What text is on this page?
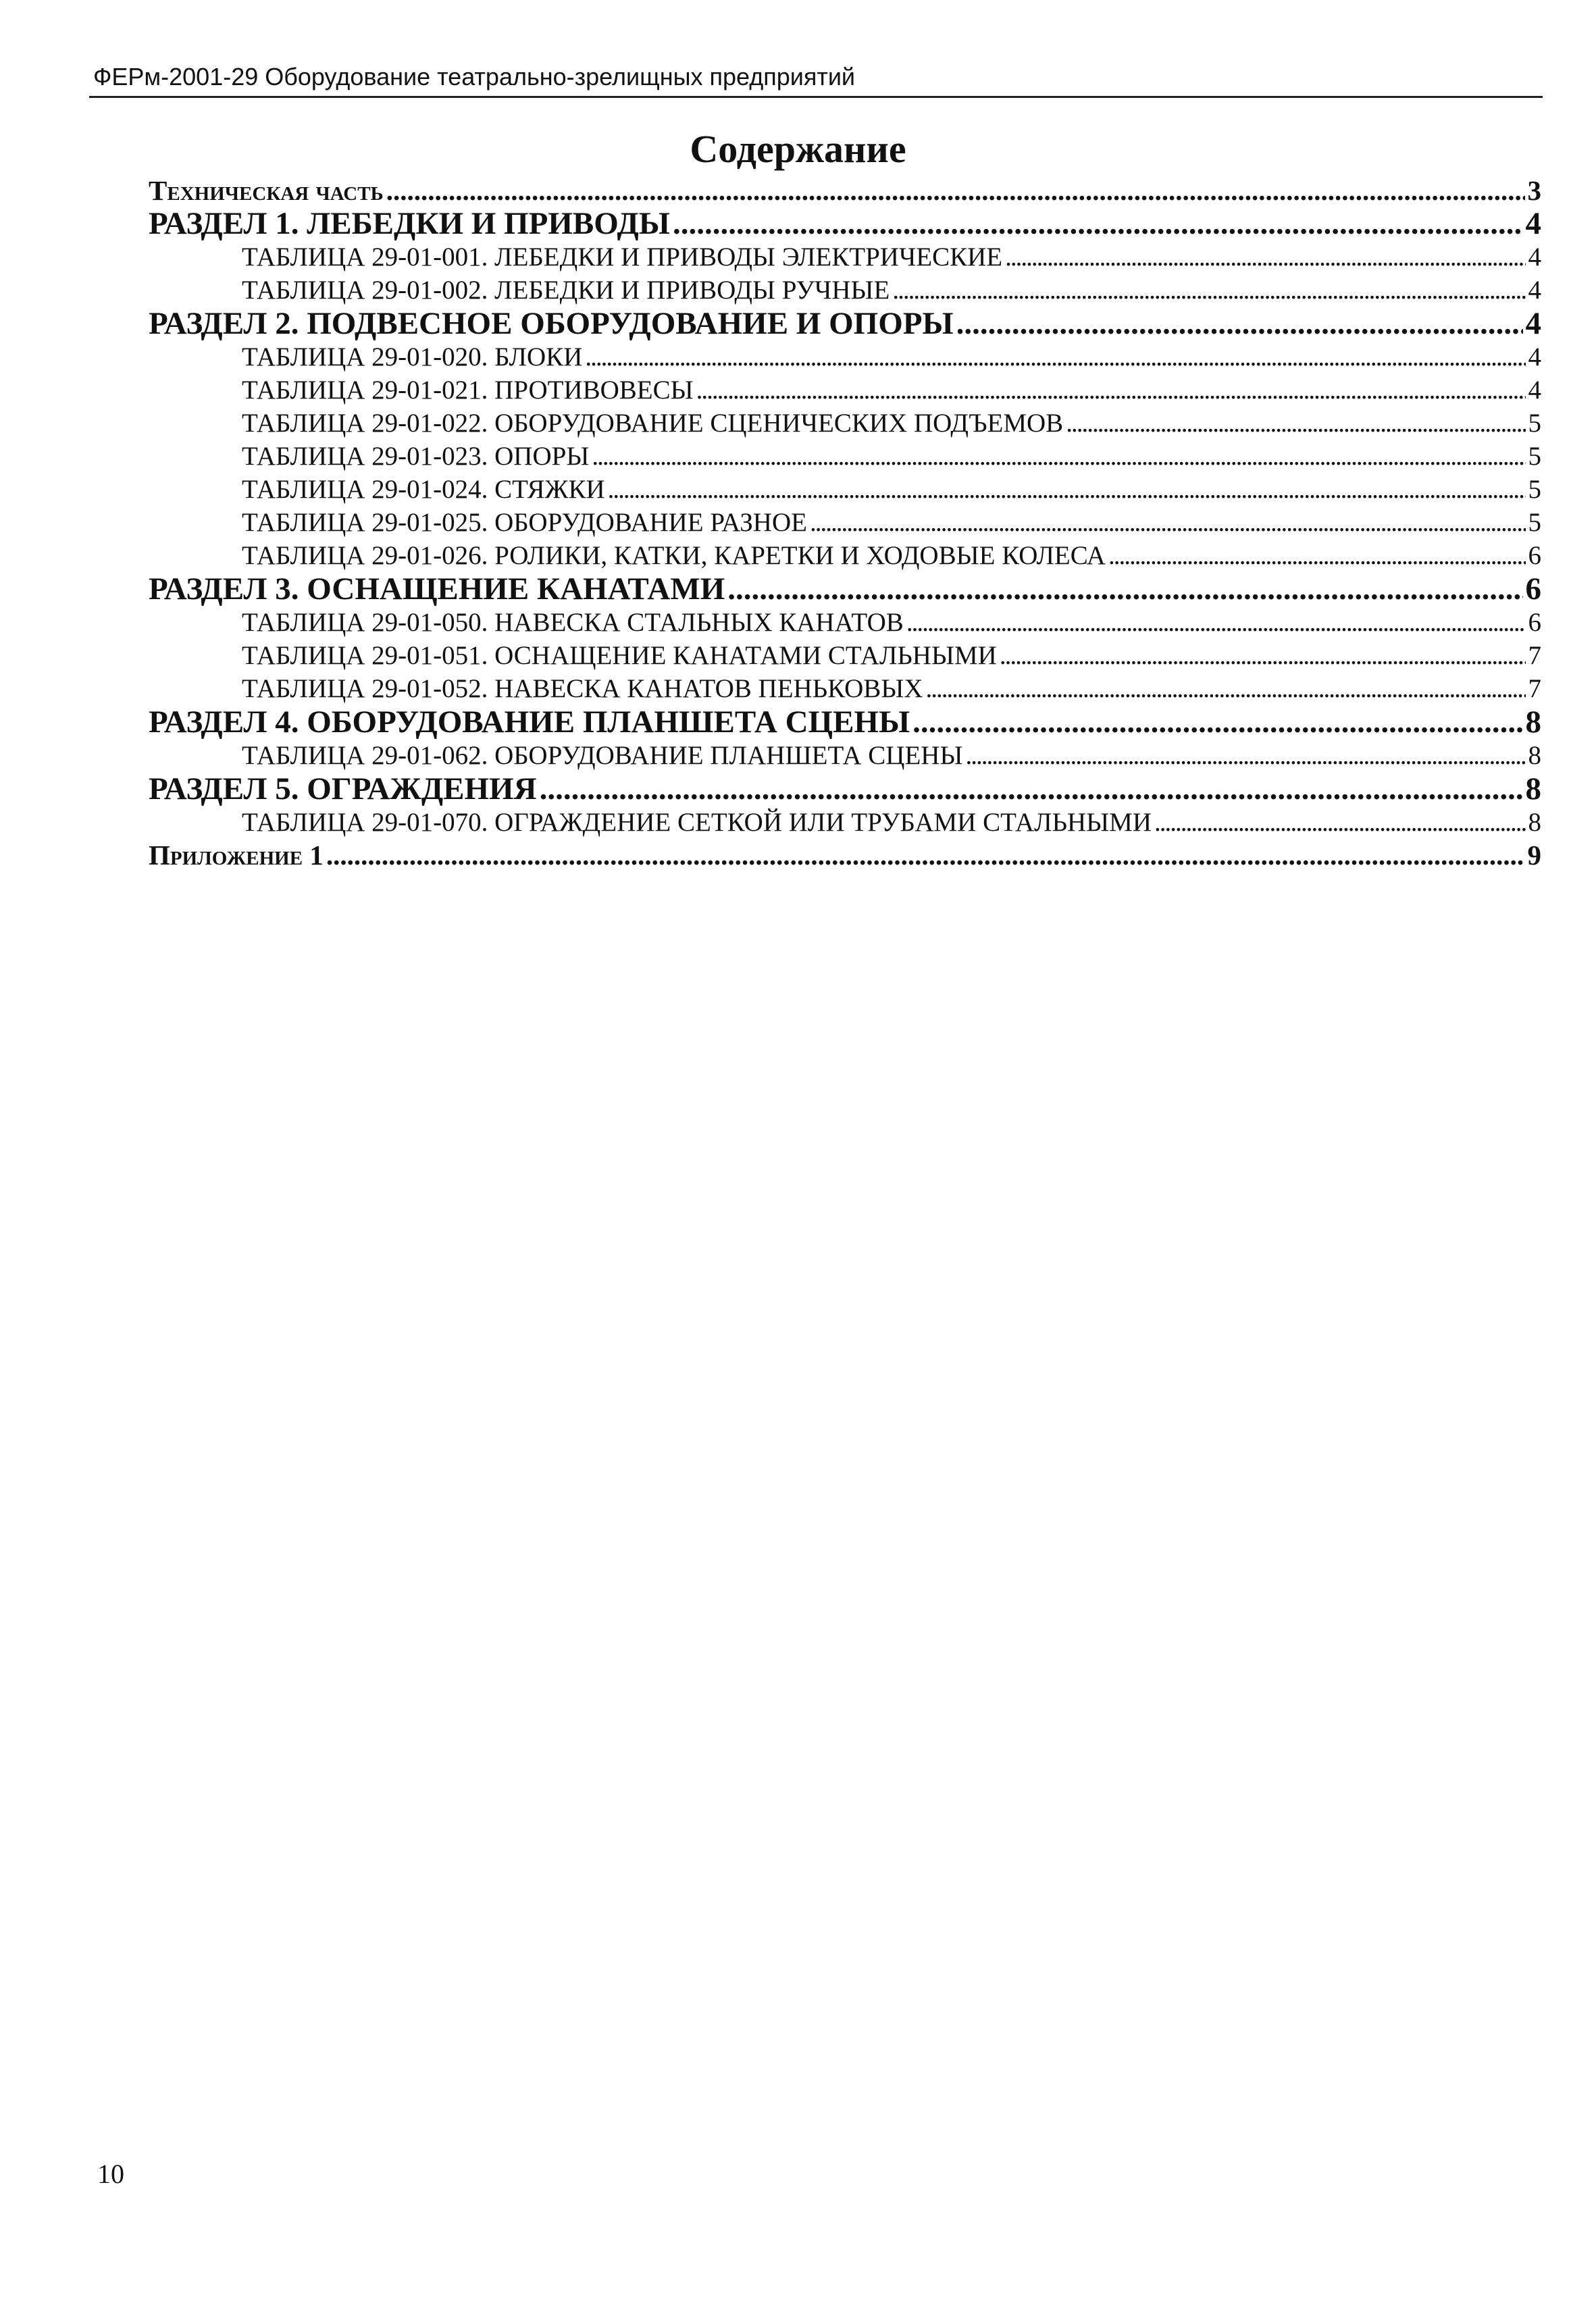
ФЕРм-2001-29 Оборудование театрально-зрелищных предприятий
Содержание
Техническая часть .....	3
РАЗДЕЛ 1. ЛЕБЕДКИ И ПРИВОДЫ .....	4
ТАБЛИЦА 29-01-001. ЛЕБЕДКИ И ПРИВОДЫ ЭЛЕКТРИЧЕСКИЕ .....	4
ТАБЛИЦА 29-01-002. ЛЕБЕДКИ И ПРИВОДЫ РУЧНЫЕ .....	4
РАЗДЕЛ 2. ПОДВЕСНОЕ ОБОРУДОВАНИЕ И ОПОРЫ .....	4
ТАБЛИЦА 29-01-020. БЛОКИ .....	4
ТАБЛИЦА 29-01-021. ПРОТИВОВЕСЫ .....	4
ТАБЛИЦА 29-01-022. ОБОРУДОВАНИЕ СЦЕНИЧЕСКИХ ПОДЪЕМОВ .....	5
ТАБЛИЦА 29-01-023. ОПОРЫ .....	5
ТАБЛИЦА 29-01-024. СТЯЖКИ .....	5
ТАБЛИЦА 29-01-025. ОБОРУДОВАНИЕ РАЗНОЕ .....	5
ТАБЛИЦА 29-01-026. РОЛИКИ, КАТКИ, КАРЕТКИ И ХОДОВЫЕ КОЛЕСА .....	6
РАЗДЕЛ 3. ОСНАЩЕНИЕ КАНАТАМИ .....	6
ТАБЛИЦА 29-01-050. НАВЕСКА СТАЛЬНЫХ КАНАТОВ .....	6
ТАБЛИЦА 29-01-051. ОСНАЩЕНИЕ КАНАТАМИ СТАЛЬНЫМИ .....	7
ТАБЛИЦА 29-01-052. НАВЕСКА КАНАТОВ ПЕНЬКОВЫХ .....	7
РАЗДЕЛ 4. ОБОРУДОВАНИЕ ПЛАНШЕТА СЦЕНЫ .....	8
ТАБЛИЦА 29-01-062. ОБОРУДОВАНИЕ ПЛАНШЕТА СЦЕНЫ .....	8
РАЗДЕЛ 5. ОГРАЖДЕНИЯ .....	8
ТАБЛИЦА 29-01-070. ОГРАЖДЕНИЕ СЕТКОЙ ИЛИ ТРУБАМИ СТАЛЬНЫМИ .....	8
Приложение 1 .....	9
10
